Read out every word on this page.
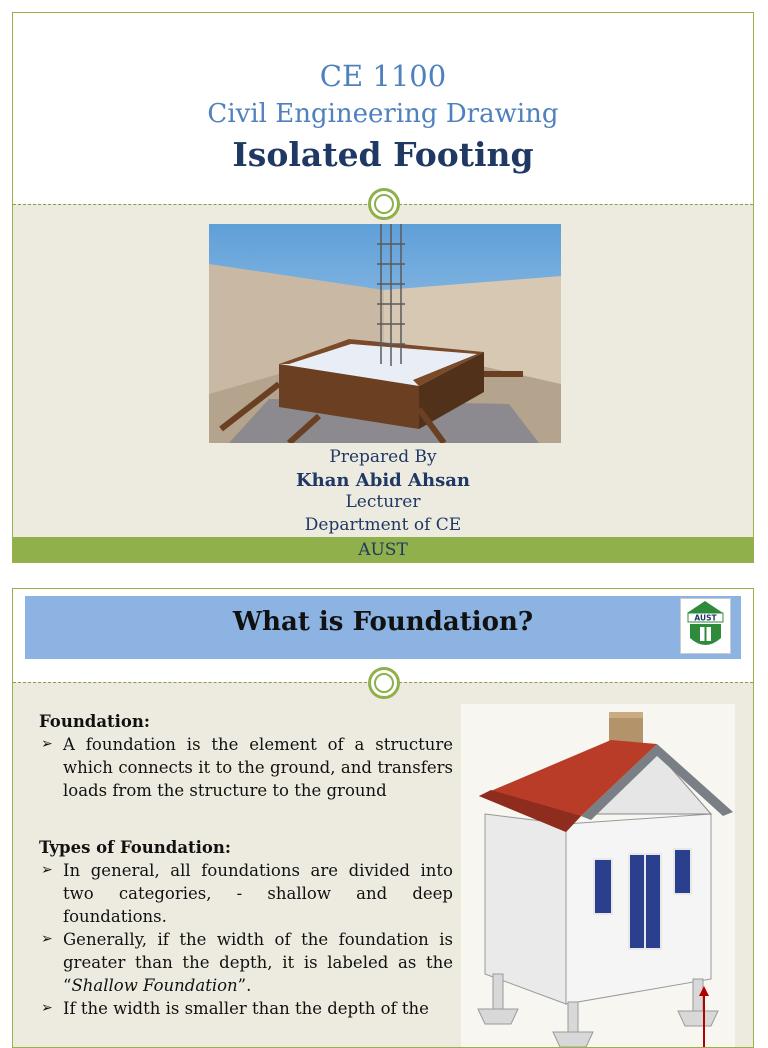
CE 1100
Civil Engineering Drawing
Isolated Footing
Prepared By
Khan Abid Ahsan
Lecturer
Department of CE
AUST
What is Foundation?	AUST
Foundation:
➢ A foundation is the element of a structure which connects it to the ground, and transfers loads from the structure to the ground
Types of Foundation:
➢ In general, all foundations are divided into two categories, - shallow and deep foundations.
➢ Generally, if the width of the foundation is greater than the depth, it is labeled as the “Shallow Foundation”.
➢ If the width is smaller than the depth of the
